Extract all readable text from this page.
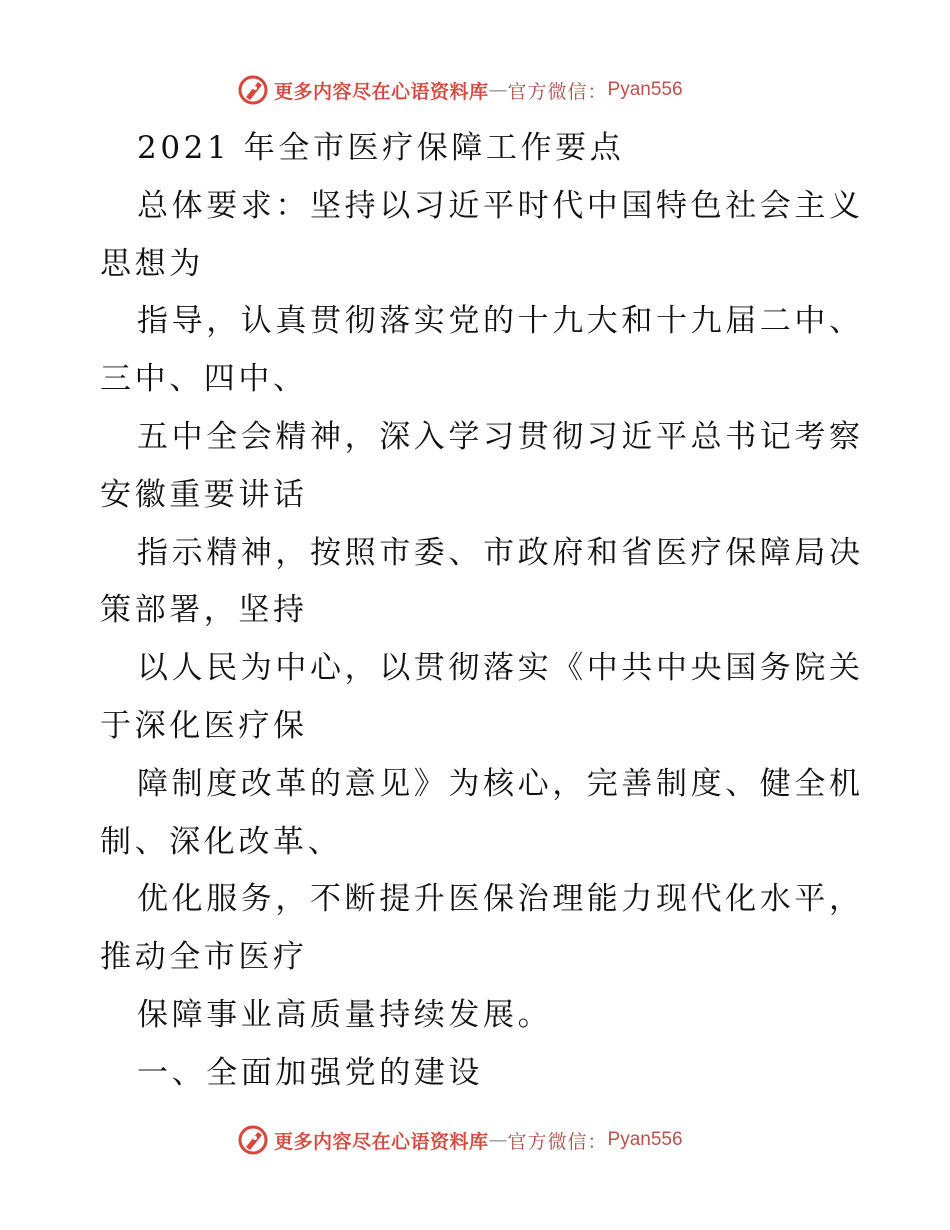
更多内容尽在心语资料库 — 官方微信： Pyan556
2021 年全市医疗保障工作要点
总体要求：坚持以习近平时代中国特色社会主义
思想为
指导，认真贯彻落实党的十九大和十九届二中、
三中、四中、
五中全会精神，深入学习贯彻习近平总书记考察
安徽重要讲话
指示精神，按照市委、市政府和省医疗保障局决
策部署，坚持
以人民为中心，以贯彻落实《中共中央国务院关
于深化医疗保
障制度改革的意见》为核心，完善制度、健全机
制、深化改革、
优化服务，不断提升医保治理能力现代化水平，
推动全市医疗
保障事业高质量持续发展。
一、全面加强党的建设
更多内容尽在心语资料库 — 官方微信： Pyan556
